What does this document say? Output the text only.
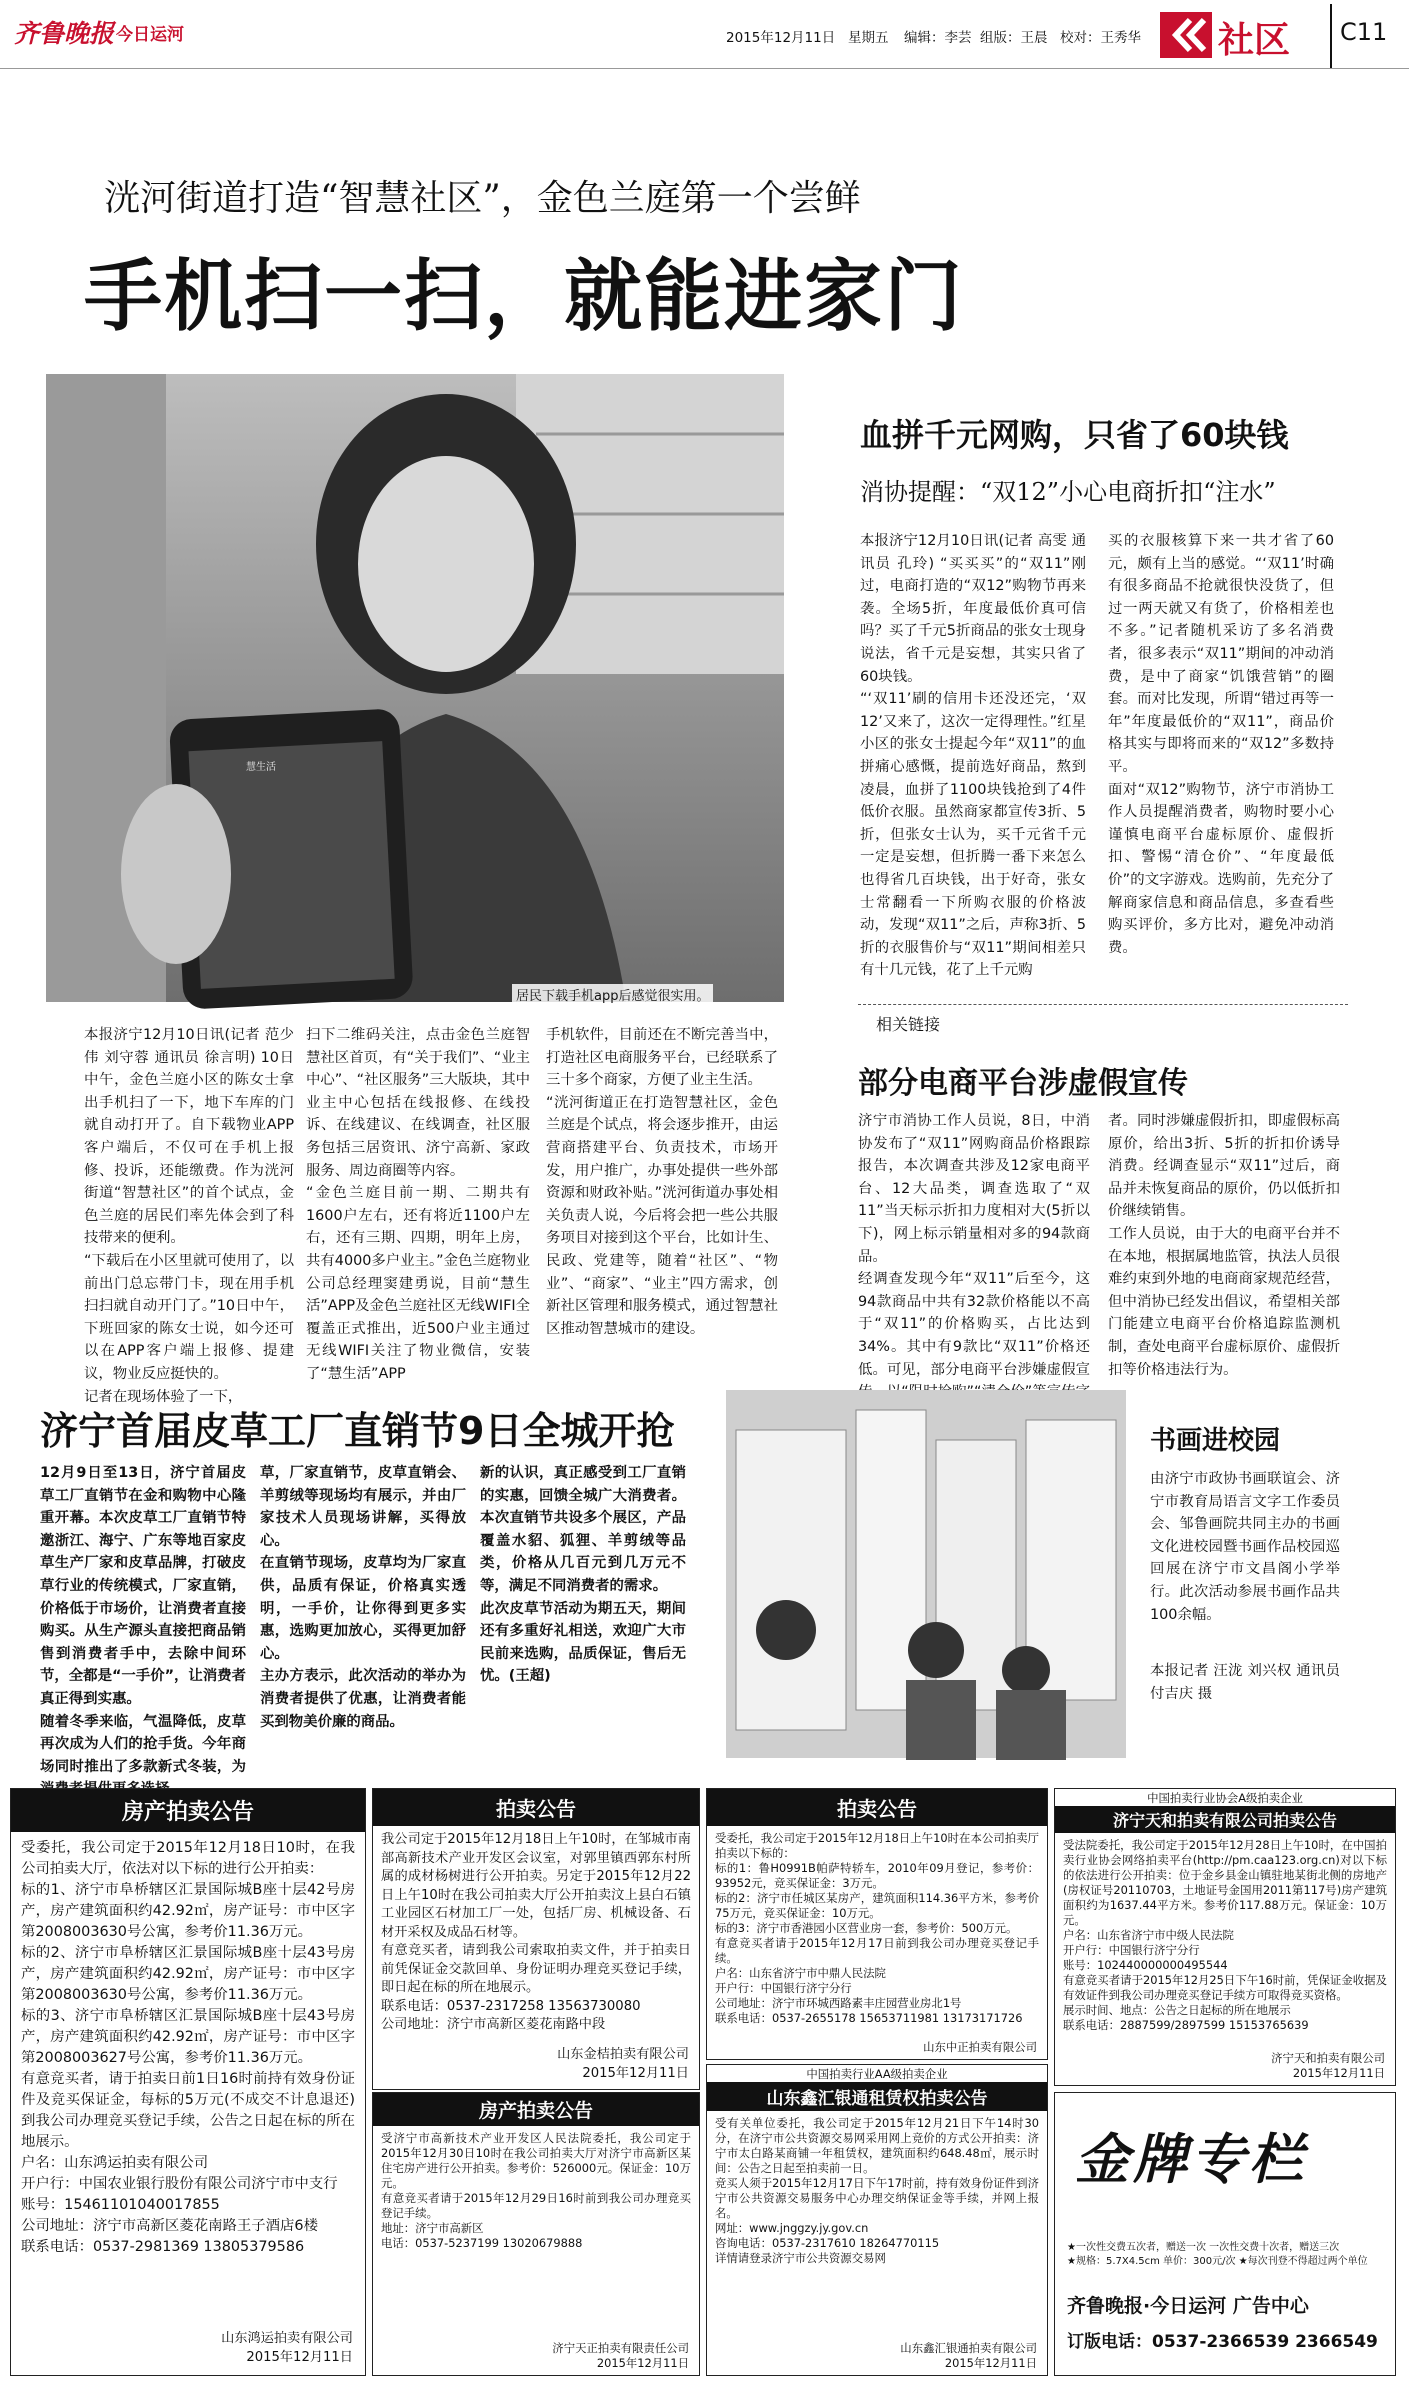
齐鲁晚报 今日运河	2015年12月11日 星期五 编辑：李芸 组版：王晨 校对：王秀华 社区 C11
洸河街道打造“智慧社区”，金色兰庭第一个尝鲜
手机扫一扫，就能进家门
慧生活
居民下载手机app后感觉很实用。
本报济宁12月10日讯(记者 范少伟 刘守蓉 通讯员 徐言明) 10日中午，金色兰庭小区的陈女士拿出手机扫了一下，地下车库的门就自动打开了。自下载物业APP客户端后，不仅可在手机上报修、投诉，还能缴费。作为洸河街道“智慧社区”的首个试点，金色兰庭的居民们率先体会到了科技带来的便利。
“下载后在小区里就可使用了，以前出门总忘带门卡，现在用手机扫扫就自动开门了。”10日中午，下班回家的陈女士说，如今还可以在APP客户端上报修、提建议，物业反应挺快的。
记者在现场体验了一下，
扫下二维码关注，点击金色兰庭智慧社区首页，有“关于我们”、“业主中心”、“社区服务”三大版块，其中业主中心包括在线报修、在线投诉、在线建议、在线调查，社区服务包括三居资讯、济宁高新、家政服务、周边商圈等内容。
“金色兰庭目前一期、二期共有1600户左右，还有将近1100户左右，还有三期、四期，明年上房，共有4000多户业主。”金色兰庭物业公司总经理窦建勇说，目前“慧生活”APP及金色兰庭社区无线WIFI全覆盖正式推出，近500户业主通过无线WIFI关注了物业微信，安装了“慧生活”APP
手机软件，目前还在不断完善当中，打造社区电商服务平台，已经联系了三十多个商家，方便了业主生活。
“洸河街道正在打造智慧社区，金色兰庭是个试点，将会逐步推开，由运营商搭建平台、负责技术，市场开发，用户推广，办事处提供一些外部资源和财政补贴。”洸河街道办事处相关负责人说，今后将会把一些公共服务项目对接到这个平台，比如计生、民政、党建等，随着“社区”、“物业”、“商家”、“业主”四方需求，创新社区管理和服务模式，通过智慧社区推动智慧城市的建设。
血拼千元网购，只省了60块钱
消协提醒：“双12”小心电商折扣“注水”
本报济宁12月10日讯(记者 高雯 通讯员 孔玲) “买买买”的“双11”刚过，电商打造的“双12”购物节再来袭。全场5折，年度最低价真可信吗？买了千元5折商品的张女士现身说法，省千元是妄想，其实只省了60块钱。
“‘双11’刷的信用卡还没还完，‘双12’又来了，这次一定得理性。”红星小区的张女士提起今年“双11”的血拼痛心感慨，提前选好商品，熬到凌晨，血拼了1100块钱抢到了4件低价衣服。虽然商家都宣传3折、5折，但张女士认为，买千元省千元一定是妄想，但折腾一番下来怎么也得省几百块钱，出于好奇，张女士常翻看一下所购衣服的价格波动，发现“双11”之后，声称3折、5折的衣服售价与“双11”期间相差只有十几元钱，花了上千元购
买的衣服核算下来一共才省了60元，颇有上当的感觉。“‘双11’时确有很多商品不抢就很快没货了，但过一两天就又有货了，价格相差也不多。”记者随机采访了多名消费者，很多表示“双11”期间的冲动消费，是中了商家“饥饿营销”的圈套。而对比发现，所谓“错过再等一年”年度最低价的“双11”，商品价格其实与即将而来的“双12”多数持平。
面对“双12”购物节，济宁市消协工作人员提醒消费者，购物时要小心谨慎电商平台虚标原价、虚假折扣、警惕“清仓价”、“年度最低价”的文字游戏。选购前，先充分了解商家信息和商品信息，多查看些购买评价，多方比对，避免冲动消费。
相关链接
部分电商平台涉虚假宣传
济宁市消协工作人员说，8日，中消协发布了“双11”网购商品价格跟踪报告，本次调查共涉及12家电商平台、12大品类，调查选取了“双11”当天标示折扣力度相对大(5折以下)，网上标示销量相对多的94款商品。
经调查发现今年“双11”后至今，这94款商品中共有32款价格能以不高于“双11”的价格购买，占比达到34%。其中有9款比“双11”价格还低。可见，部分电商平台涉嫌虚假宣
者。同时涉嫌虚假折扣，即虚假标高原价，给出3折、5折的折扣价诱导消费。经调查显示“双11”过后，商品并未恢复商品的原价，仍以低折扣价继续销售。
工作人员说，由于大的电商平台并不在本地，根据属地监管，执法人员很难约束到外地的电商商家规范经营，但中消协已经发出倡议，希望相关部门能建立电商平台价格追踪监测机制，查处电商平台虚标原价、虚假折扣等价格违法行为。
济宁首届皮草工厂直销节9日全城开抢
12月9日至13日，济宁首届皮草工厂直销节在金和购物中心隆重开幕。本次皮草工厂直销节特邀浙江、海宁、广东等地百家皮草生产厂家和皮草品牌，打破皮草行业的传统模式，厂家直销，价格低于市场价，让消费者直接购买。从生产源头直接把商品销售到消费者手中，去除中间环节，全都是“一手价”，让消费者真正得到实惠。
随着冬季来临，气温降低，皮草再次成为人们的抢手货。今年商场同时推出了多款新式冬装，为
草，厂家直销节，皮草直销会、羊剪绒等现场均有展示，并由厂家技术人员现场讲解，买得放心。
在直销节现场，皮草均为厂家直供，品质有保证，价格真实透明，一手价，让你得到更多实惠，选购更加放心，买得更加舒心。
主办方表示，此次活动的举办为消费者提供了优惠，让消费者能买到物美价廉的商品。
新的认识，真正感受到工厂直销的实惠，回馈全城广大消费者。本次直销节共设多个展区，产品覆盖水貂、狐狸、羊剪绒等品类，价格从几百元到几万元不等，满足不同消费者的需求。
此次皮草节活动为期五天，期间还有多重好礼相送，欢迎广大市民前来选购，品质保证，售后无忧。(王超)
书画进校园
由济宁市政协书画联谊会、济宁市教育局语言文字工作委员会、邹鲁画院共同主办的书画文化进校园暨书画作品校园巡回展在济宁市文昌阁小学举行。此次活动参展书画作品共100余幅。
本报记者 汪泷 刘兴权 通讯员 付吉庆 摄
房产拍卖公告
受委托，我公司定于2015年12月18日10时，在我公司拍卖大厅，依法对以下标的进行公开拍卖：
标的1、济宁市阜桥辖区汇景国际城B座十层42号房产，房产建筑面积约42.92㎡，房产证号：市中区字第2008003630号公寓，参考价11.36万元。
标的2、济宁市阜桥辖区汇景国际城B座十层43号房产，房产建筑面积约42.92㎡，房产证号：市中区字第2008003630号公寓，参考价11.36万元。
标的3、济宁市阜桥辖区汇景国际城B座十层43号房产，房产建筑面积约42.92㎡，房产证号：市中区字第2008003627号公寓，参考价11.36万元。
有意竞买者，请于拍卖日前1日16时前持有效身份证件及竞买保证金，每标的5万元(不成交不计息退还)到我公司办理竞买登记手续，公告之日起在标的所在地展示。
户名：山东鸿运拍卖有限公司
开户行：中国农业银行股份有限公司济宁市中支行
账号：15461101040017855
公司地址：济宁市高新区菱花南路王子酒店6楼
联系电话：0537-2981369 13805379586
山东鸿运拍卖有限公司
2015年12月11日
拍卖公告
我公司定于2015年12月18日上午10时，在邹城市南部高新技术产业开发区会议室，对郭里镇西郭东村所属的成材杨树进行公开拍卖。另定于2015年12月22日上午10时在我公司拍卖大厅公开拍卖汶上县白石镇工业园区石材加工厂一处，包括厂房、机械设备、石材开采权及成品石材等。
有意竞买者，请到我公司索取拍卖文件，并于拍卖日前凭保证金交款回单、身份证明办理竞买登记手续，即日起在标的所在地展示。
联系电话：0537-2317258 13563730080
公司地址：济宁市高新区菱花南路中段
山东金桔拍卖有限公司
2015年12月11日
房产拍卖公告
受济宁市高新技术产业开发区人民法院委托，我公司定于2015年12月30日10时在我公司拍卖大厅对济宁市高新区某住宅房产进行公开拍卖。参考价：526000元。保证金：10万元。
有意竞买者请于2015年12月29日16时前到我公司办理竞买登记手续。
地址：济宁市高新区
电话：0537-5237199 13020679888
济宁天正拍卖有限责任公司
2015年12月11日
拍卖公告
受委托，我公司定于2015年12月18日上午10时在本公司拍卖厅拍卖以下标的：
标的1：鲁H0991B帕萨特轿车，2010年09月登记，参考价：93952元，竞买保证金：3万元。
标的2：济宁市任城区某房产，建筑面积114.36平方米，参考价75万元，竞买保证金：10万元。
标的3：济宁市香港园小区营业房一套，参考价：500万元。
有意竞买者请于2015年12月17日前到我公司办理竞买登记手续。
户名：山东省济宁市中鼎人民法院
开户行：中国银行济宁分行
公司地址：济宁市环城西路素丰庄园营业房北1号
联系电话：0537-2655178 15653711981 13173171726
山东中正拍卖有限公司
中国拍卖行业AA级拍卖企业
山东鑫汇银通租赁权拍卖公告
受有关单位委托，我公司定于2015年12月21日下午14时30分，在济宁市公共资源交易网采用网上竞价的方式公开拍卖：济宁市太白路某商铺一年租赁权，建筑面积约648.48㎡，展示时间：公告之日起至拍卖前一日。
竞买人须于2015年12月17日下午17时前，持有效身份证件到济宁市公共资源交易服务中心办理交纳保证金等手续，并网上报名。
网址：www.jnggzy.jy.gov.cn
咨询电话：0537-2317610 18264770115
详情请登录济宁市公共资源交易网
山东鑫汇银通拍卖有限公司
2015年12月11日
中国拍卖行业协会A级拍卖企业
济宁天和拍卖有限公司拍卖公告
受法院委托，我公司定于2015年12月28日上午10时，在中国拍卖行业协会网络拍卖平台(http://pm.caa123.org.cn)对以下标的依法进行公开拍卖：位于金乡县金山镇驻地某街北侧的房地产(房权证号20110703，土地证号金国用2011第117号)房产建筑面积约为1637.44平方米。参考价117.88万元。保证金：10万元。
户名：山东省济宁市中级人民法院
开户行：中国银行济宁分行
账号：102440000000495544
有意竞买者请于2015年12月25日下午16时前，凭保证金收据及有效证件到我公司办理竞买登记手续方可取得竞买资格。
展示时间、地点：公告之日起标的所在地展示
联系电话：2887599/2897599 15153765639
济宁天和拍卖有限公司
2015年12月11日
金牌专栏
★一次性交费五次者，赠送一次 一次性交费十次者，赠送三次
★规格：5.7X4.5cm 单价：300元/次 ★每次刊登不得超过两个单位
齐鲁晚报·今日运河 广告中心
订版电话：0537-2366539 2366549
